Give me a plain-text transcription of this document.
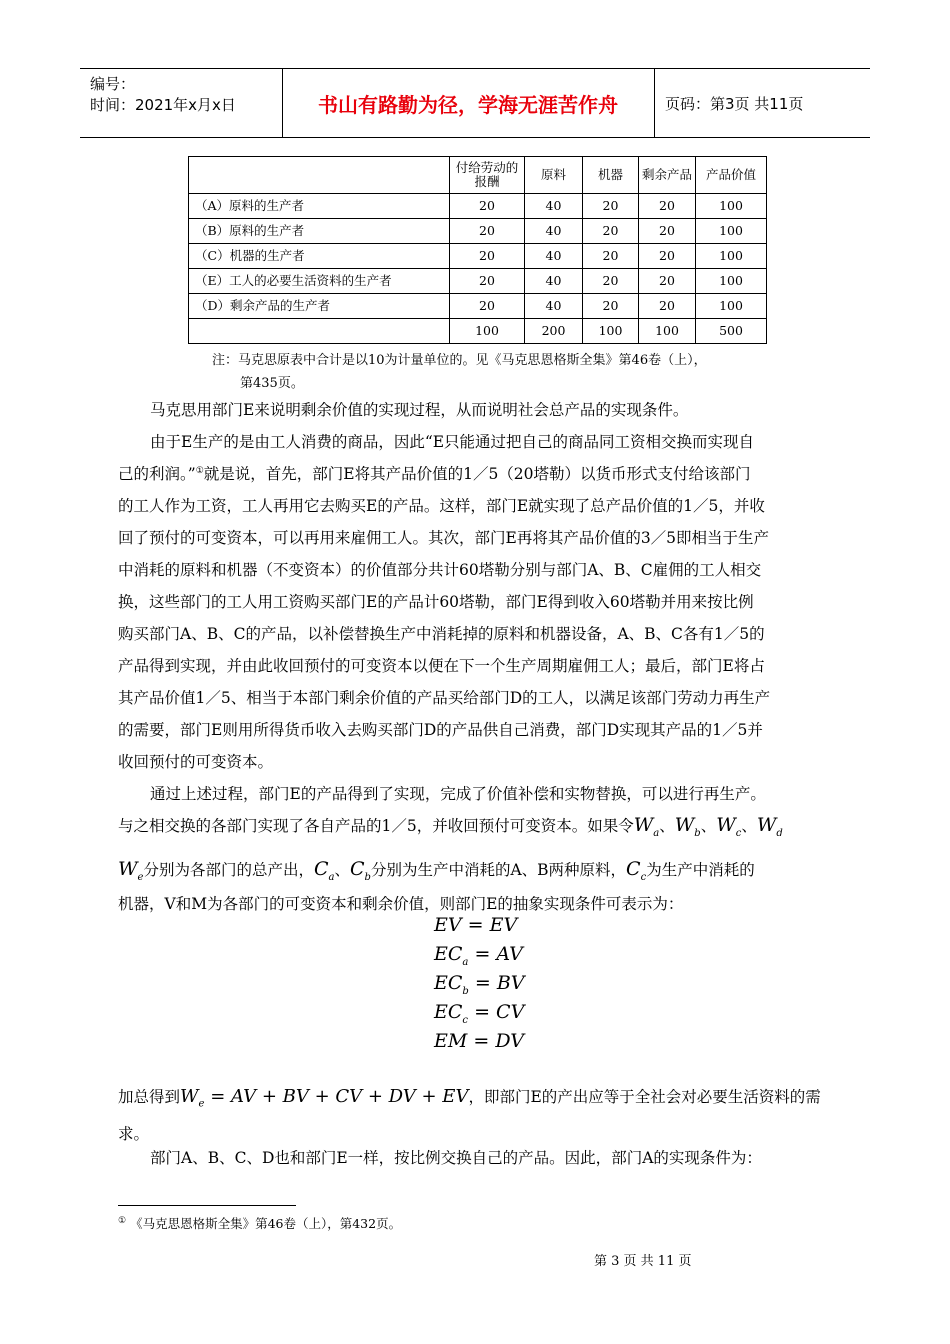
编号：
时间：2021年x月x日	书山有路勤为径，学海无涯苦作舟	页码：第3页 共11页
	付给劳动的报酬	原料	机器	剩余产品	产品价值
（A）原料的生产者	20	40	20	20	100
（B）原料的生产者	20	40	20	20	100
（C）机器的生产者	20	40	20	20	100
（E）工人的必要生活资料的生产者	20	40	20	20	100
（D）剩余产品的生产者	20	40	20	20	100
	100	200	100	100	500
注：马克思原表中合计是以10为计量单位的。见《马克思恩格斯全集》第46卷（上），
第435页。
马克思用部门E来说明剩余价值的实现过程，从而说明社会总产品的实现条件。
由于E生产的是由工人消费的商品，因此“E只能通过把自己的商品同工资相交换而实现自
己的利润。”①就是说，首先，部门E将其产品价值的1／5（20塔勒）以货币形式支付给该部门
的工人作为工资，工人再用它去购买E的产品。这样，部门E就实现了总产品价值的1／5，并收
回了预付的可变资本，可以再用来雇佣工人。其次，部门E再将其产品价值的3／5即相当于生产
中消耗的原料和机器（不变资本）的价值部分共计60塔勒分别与部门A、B、C雇佣的工人相交
换，这些部门的工人用工资购买部门E的产品计60塔勒，部门E得到收入60塔勒并用来按比例
购买部门A、B、C的产品，以补偿替换生产中消耗掉的原料和机器设备，A、B、C各有1／5的
产品得到实现，并由此收回预付的可变资本以便在下一个生产周期雇佣工人；最后，部门E将占
其产品价值1／5、相当于本部门剩余价值的产品买给部门D的工人，以满足该部门劳动力再生产
的需要，部门E则用所得货币收入去购买部门D的产品供自己消费，部门D实现其产品的1／5并
收回预付的可变资本。
通过上述过程，部门E的产品得到了实现，完成了价值补偿和实物替换，可以进行再生产。
与之相交换的各部门实现了各自产品的1／5，并收回预付可变资本。如果令$W_a$、$W_b$、$W_c$、$W_d$
$W_e$分别为各部门的总产出，$C_a$、$C_b$分别为生产中消耗的A、B两种原料，$C_c$为生产中消耗的
机器，V和M为各部门的可变资本和剩余价值，则部门E的抽象实现条件可表示为：
EV = EV
$EC_a$ = AV
$EC_b$ = BV
$EC_c$ = CV
EM = DV
加总得到$W_e$ = AV + BV + CV + DV + EV，即部门E的产出应等于全社会对必要生活资料的需
求。
部门A、B、C、D也和部门E一样，按比例交换自己的产品。因此，部门A的实现条件为：
① 《马克思恩格斯全集》第46卷（上），第432页。
第 3 页 共 11 页
